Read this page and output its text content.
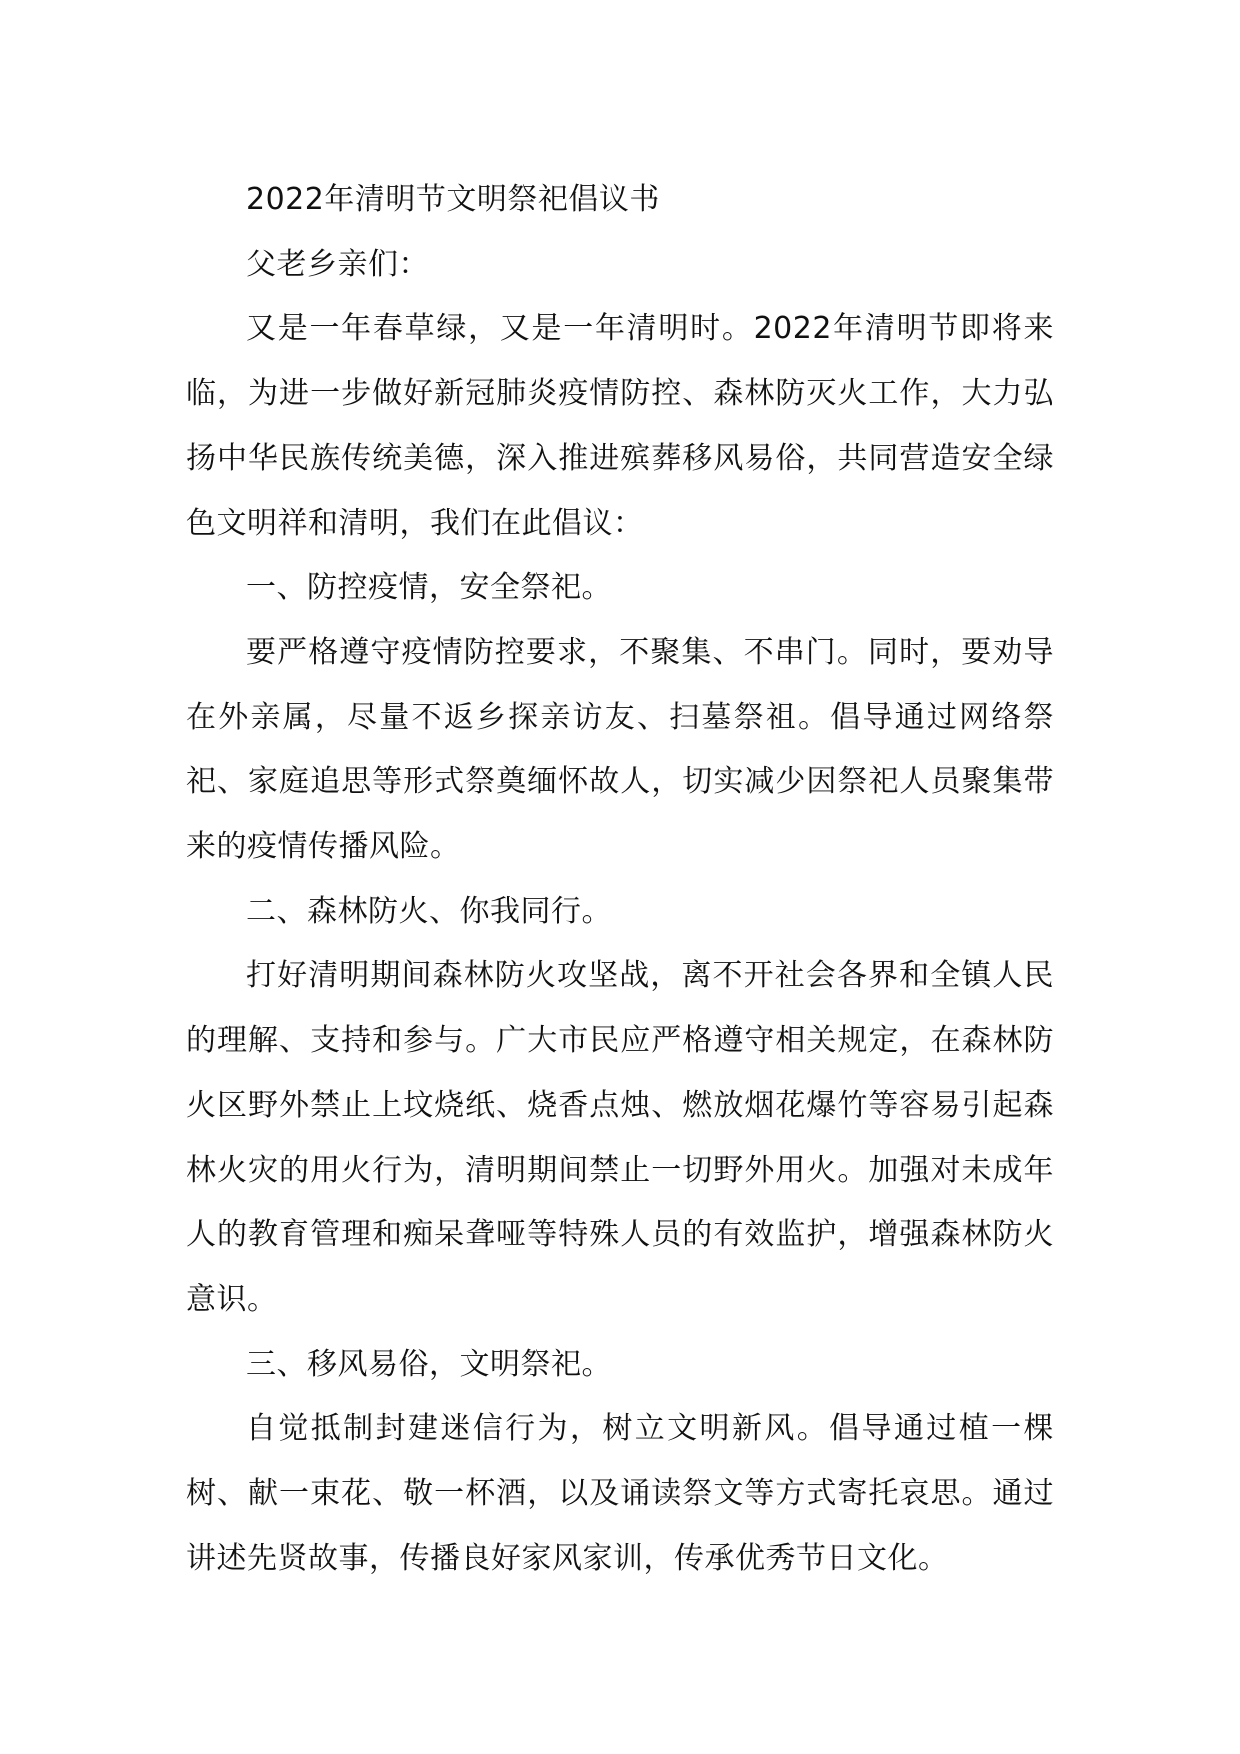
2022年清明节文明祭祀倡议书

父老乡亲们：

又是一年春草绿，又是一年清明时。2022年清明节即将来临，为进一步做好新冠肺炎疫情防控、森林防灭火工作，大力弘扬中华民族传统美德，深入推进殡葬移风易俗，共同营造安全绿色文明祥和清明，我们在此倡议：

一、防控疫情，安全祭祀。

要严格遵守疫情防控要求，不聚集、不串门。同时，要劝导在外亲属，尽量不返乡探亲访友、扫墓祭祖。倡导通过网络祭祀、家庭追思等形式祭奠缅怀故人，切实减少因祭祀人员聚集带来的疫情传播风险。

二、森林防火、你我同行。

打好清明期间森林防火攻坚战，离不开社会各界和全镇人民的理解、支持和参与。广大市民应严格遵守相关规定，在森林防火区野外禁止上坟烧纸、烧香点烛、燃放烟花爆竹等容易引起森林火灾的用火行为，清明期间禁止一切野外用火。加强对未成年人的教育管理和痴呆聋哑等特殊人员的有效监护，增强森林防火意识。

三、移风易俗，文明祭祀。

自觉抵制封建迷信行为，树立文明新风。倡导通过植一棵树、献一束花、敬一杯酒，以及诵读祭文等方式寄托哀思。通过讲述先贤故事，传播良好家风家训，传承优秀节日文化。
